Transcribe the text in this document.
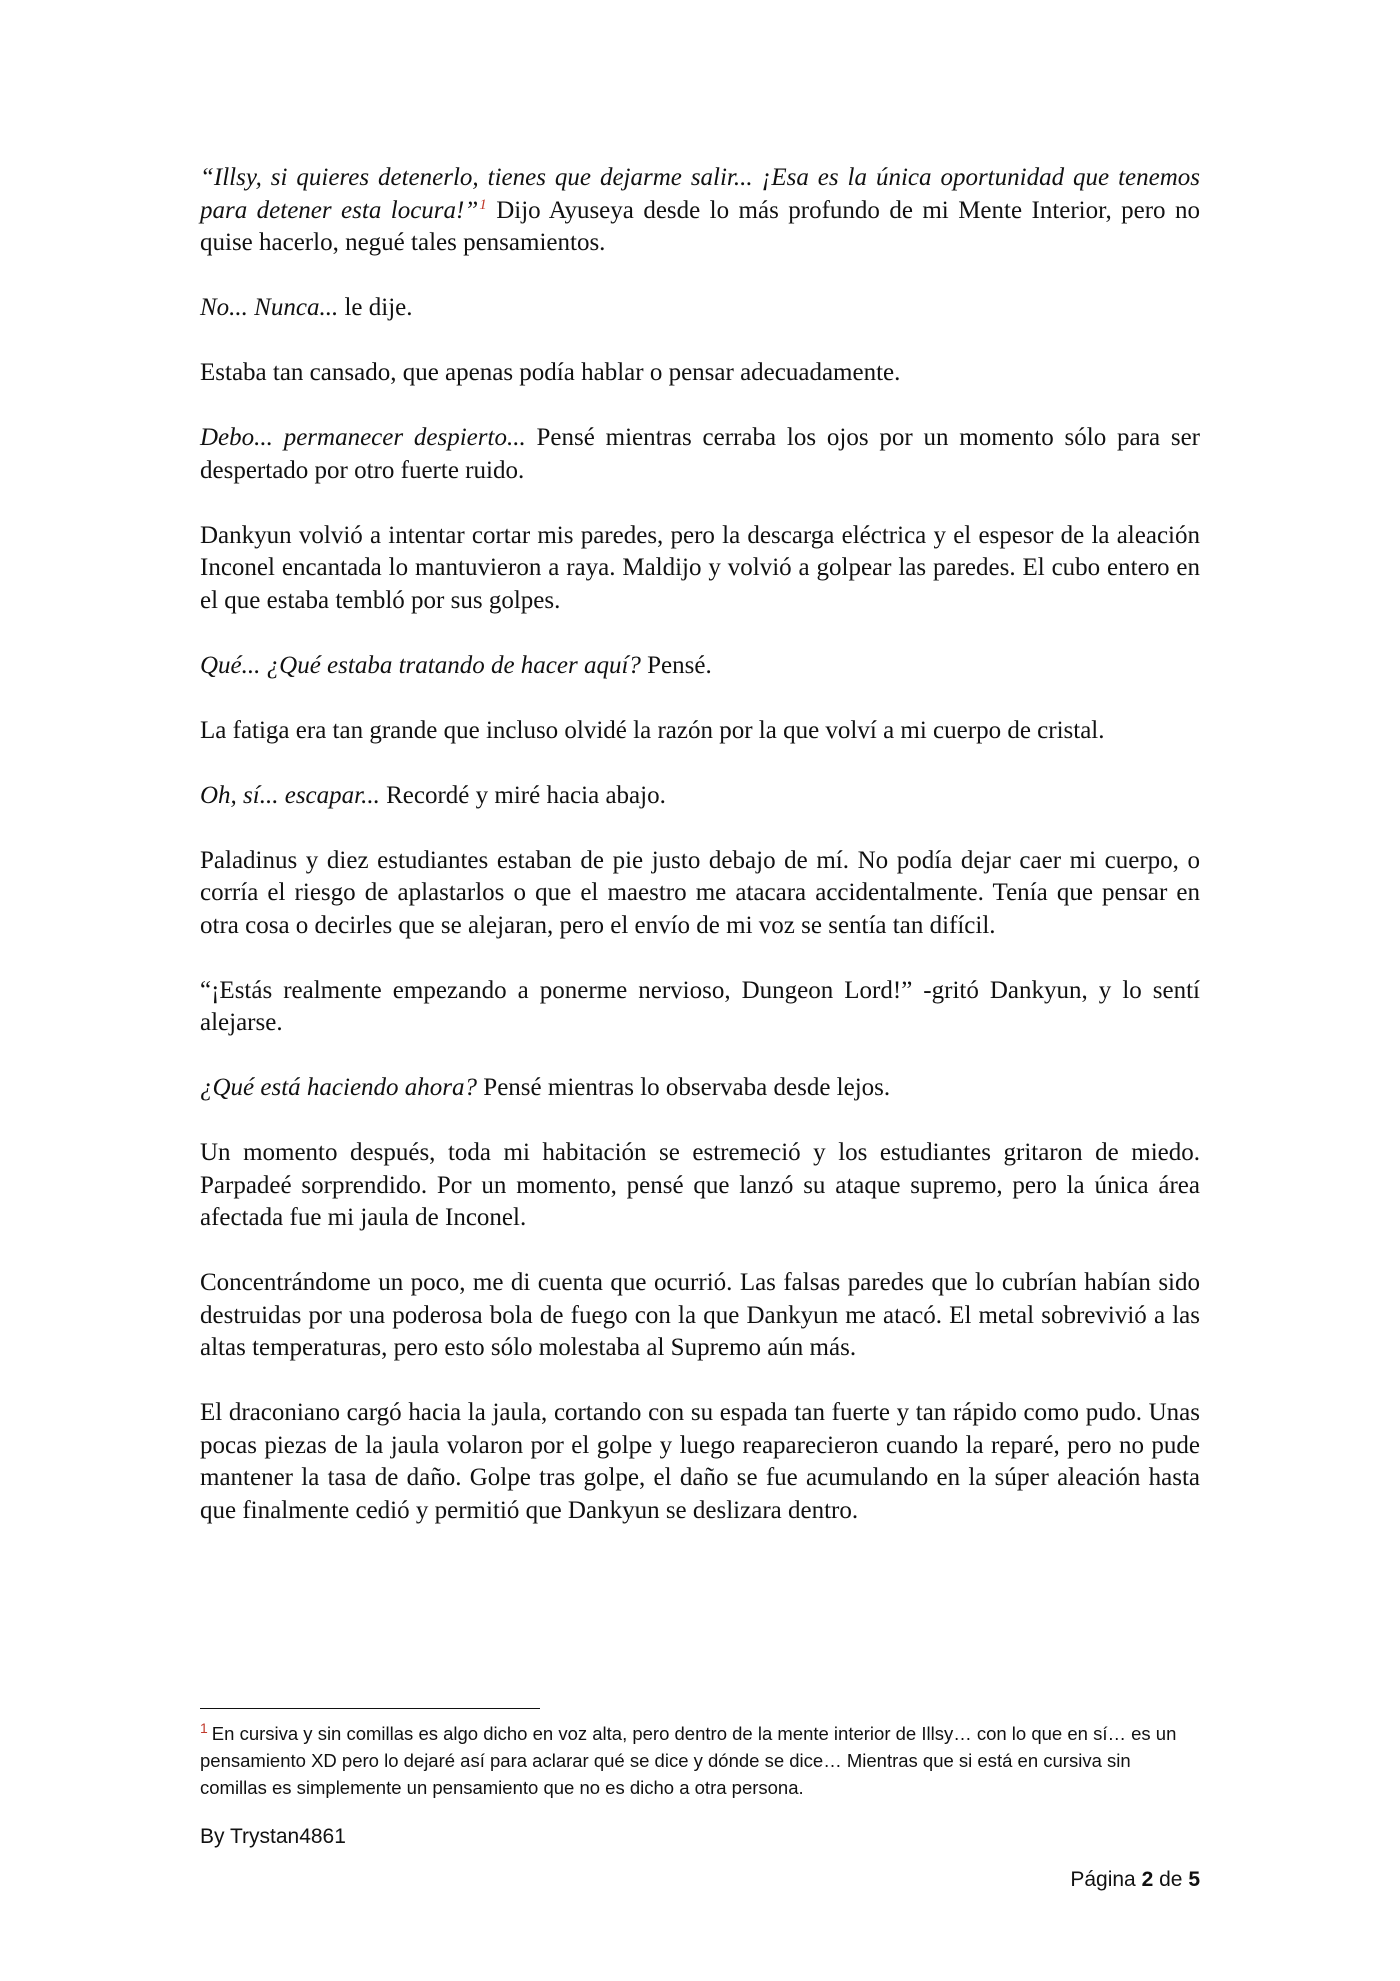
“Illsy, si quieres detenerlo, tienes que dejarme salir... ¡Esa es la única oportunidad que tenemos para detener esta locura!”$^1$ Dijo Ayuseya desde lo más profundo de mi Mente Interior, pero no quise hacerlo, negué tales pensamientos.

No... Nunca... le dije.

Estaba tan cansado, que apenas podía hablar o pensar adecuadamente.

Debo... permanecer despierto... Pensé mientras cerraba los ojos por un momento sólo para ser despertado por otro fuerte ruido.

Dankyun volvió a intentar cortar mis paredes, pero la descarga eléctrica y el espesor de la aleación Inconel encantada lo mantuvieron a raya. Maldijo y volvió a golpear las paredes. El cubo entero en el que estaba tembló por sus golpes.

Qué... ¿Qué estaba tratando de hacer aquí? Pensé.

La fatiga era tan grande que incluso olvidé la razón por la que volví a mi cuerpo de cristal.

Oh, sí... escapar... Recordé y miré hacia abajo.

Paladinus y diez estudiantes estaban de pie justo debajo de mí. No podía dejar caer mi cuerpo, o corría el riesgo de aplastarlos o que el maestro me atacara accidentalmente. Tenía que pensar en otra cosa o decirles que se alejaran, pero el envío de mi voz se sentía tan difícil.

“¡Estás realmente empezando a ponerme nervioso, Dungeon Lord!” -gritó Dankyun, y lo sentí alejarse.

¿Qué está haciendo ahora? Pensé mientras lo observaba desde lejos.

Un momento después, toda mi habitación se estremeció y los estudiantes gritaron de miedo. Parpadeé sorprendido. Por un momento, pensé que lanzó su ataque supremo, pero la única área afectada fue mi jaula de Inconel.

Concentrándome un poco, me di cuenta que ocurrió. Las falsas paredes que lo cubrían habían sido destruidas por una poderosa bola de fuego con la que Dankyun me atacó. El metal sobrevivió a las altas temperaturas, pero esto sólo molestaba al Supremo aún más.

El draconiano cargó hacia la jaula, cortando con su espada tan fuerte y tan rápido como pudo. Unas pocas piezas de la jaula volaron por el golpe y luego reaparecieron cuando la reparé, pero no pude mantener la tasa de daño. Golpe tras golpe, el daño se fue acumulando en la súper aleación hasta que finalmente cedió y permitió que Dankyun se deslizara dentro.

$^1$ En cursiva y sin comillas es algo dicho en voz alta, pero dentro de la mente interior de Illsy… con lo que en sí… es un pensamiento XD pero lo dejaré así para aclarar qué se dice y dónde se dice… Mientras que si está en cursiva sin comillas es simplemente un pensamiento que no es dicho a otra persona.
By Trystan4861
Página 2 de 5
